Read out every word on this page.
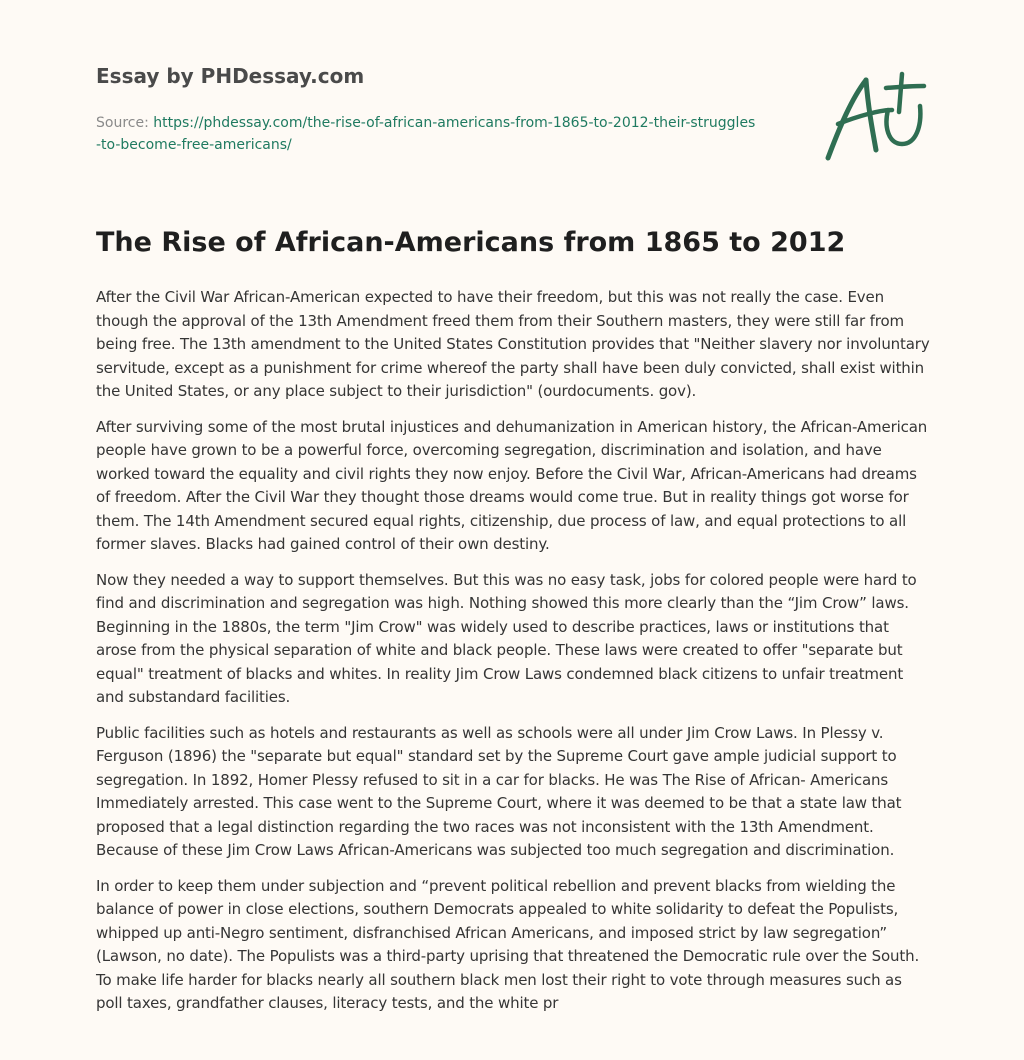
Essay by PHDessay.com
Source: https://phdessay.com/the-rise-of-african-americans-from-1865-to-2012-their-struggles-to-become-free-americans/
The Rise of African-Americans from 1865 to 2012

After the Civil War African-American expected to have their freedom, but this was not really the case. Even though the approval of the 13th Amendment freed them from their Southern masters, they were still far from being free. The 13th amendment to the United States Constitution provides that "Neither slavery nor involuntary servitude, except as a punishment for crime whereof the party shall have been duly convicted, shall exist within the United States, or any place subject to their jurisdiction" (ourdocuments. gov).

After surviving some of the most brutal injustices and dehumanization in American history, the African-American people have grown to be a powerful force, overcoming segregation, discrimination and isolation, and have worked toward the equality and civil rights they now enjoy. Before the Civil War, African-Americans had dreams of freedom. After the Civil War they thought those dreams would come true. But in reality things got worse for them. The 14th Amendment secured equal rights, citizenship, due process of law, and equal protections to all former slaves. Blacks had gained control of their own destiny.

Now they needed a way to support themselves. But this was no easy task, jobs for colored people were hard to find and discrimination and segregation was high. Nothing showed this more clearly than the “Jim Crow” laws. Beginning in the 1880s, the term "Jim Crow" was widely used to describe practices, laws or institutions that arose from the physical separation of white and black people. These laws were created to offer "separate but equal" treatment of blacks and whites. In reality Jim Crow Laws condemned black citizens to unfair treatment and substandard facilities.

Public facilities such as hotels and restaurants as well as schools were all under Jim Crow Laws. In Plessy v. Ferguson (1896) the "separate but equal" standard set by the Supreme Court gave ample judicial support to segregation. In 1892, Homer Plessy refused to sit in a car for blacks. He was The Rise of African- Americans Immediately arrested. This case went to the Supreme Court, where it was deemed to be that a state law that proposed that a legal distinction regarding the two races was not inconsistent with the 13th Amendment. Because of these Jim Crow Laws African-Americans was subjected too much segregation and discrimination.

In order to keep them under subjection and “prevent political rebellion and prevent blacks from wielding the balance of power in close elections, southern Democrats appealed to white solidarity to defeat the Populists, whipped up anti-Negro sentiment, disfranchised African Americans, and imposed strict by law segregation” (Lawson, no date). The Populists was a third-party uprising that threatened the Democratic rule over the South. To make life harder for blacks nearly all southern black men lost their right to vote through measures such as poll taxes, grandfather clauses, literacy tests, and the white pr
